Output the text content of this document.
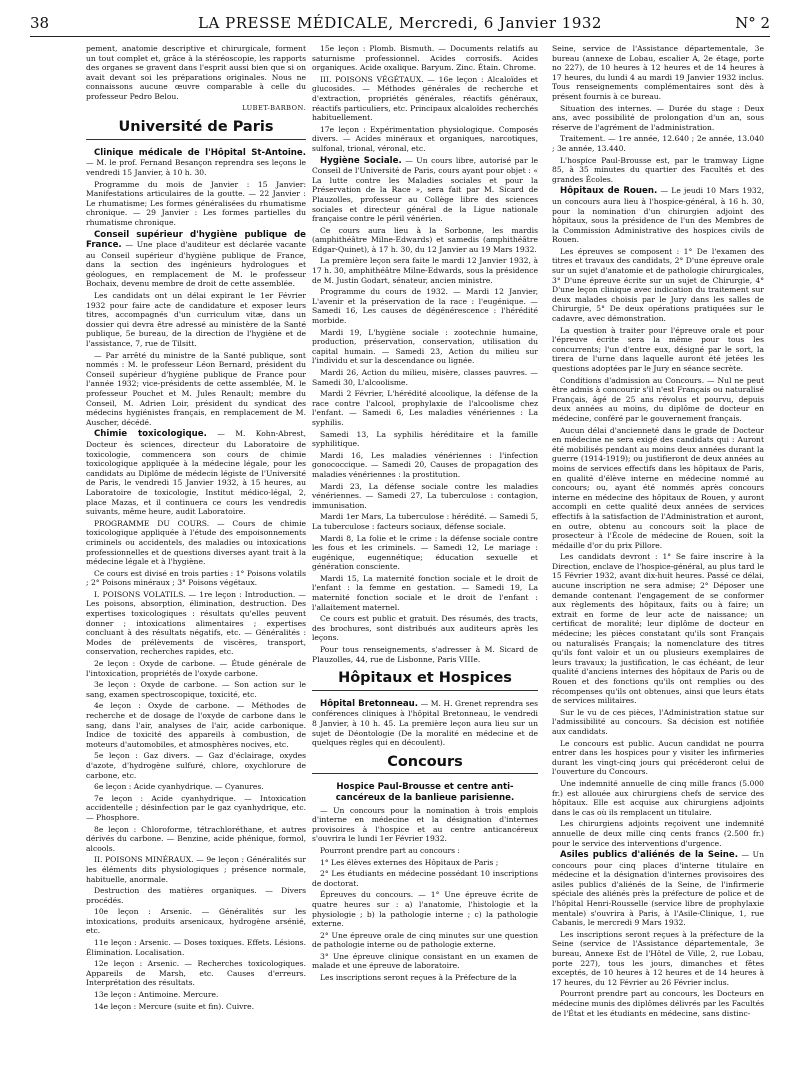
38	LA PRESSE MÉDICALE, Mercredi, 6 Janvier 1932	N° 2

pement, anatomie descriptive et chirurgicale, forment un tout complet et, grâce à la stéréoscopie, les rapports des organes se gravent dans l'esprit aussi bien que si on avait devant soi les préparations originales. Nous ne connaissons aucune œuvre comparable à celle du professeur Pedro Belou.

LUBET-BARBON.
Université de Paris

Clinique médicale de l'Hôpital St-Antoine. — M. le prof. Fernand Besançon reprendra ses leçons le vendredi 15 Janvier, à 10 h. 30.

Programme du mois de Janvier : 15 Janvier: Manifestations articulaires de la goutte. — 22 Janvier : Le rhumatisme; Les formes généralisées du rhumatisme chronique. — 29 Janvier : Les formes partielles du rhumatisme chronique.

Conseil supérieur d'hygiène publique de France. — Une place d'auditeur est déclarée vacante au Conseil supérieur d'hygiène publique de France, dans la section des ingénieurs hydrologues et géologues, en remplacement de M. le professeur Bochaix, devenu membre de droit de cette assemblée.

Les candidats ont un délai expirant le 1er Février 1932 pour faire acte de candidature et exposer leurs titres, accompagnés d'un curriculum vitæ, dans un dossier qui devra être adressé au ministère de la Santé publique, 5e bureau, de la direction de l'hygiène et de l'assistance, 7, rue de Tilsitt.

— Par arrêté du ministre de la Santé publique, sont nommés : M. le professeur Léon Bernard, président du Conseil supérieur d'hygiène publique de France pour l'année 1932; vice-présidents de cette assemblée, M. le professeur Pouchet et M. Jules Renault; membre du Conseil, M. Adrien Loir, président du syndicat des médecins hygiénistes français, en remplacement de M. Auscher, décédé.

Chimie toxicologique. — M. Kohn-Abrest, Docteur ès sciences, directeur du Laboratoire de toxicologie, commencera son cours de chimie toxicologique appliquée à la médecine légale, pour les candidats au Diplôme de médecin légiste de l'Université de Paris, le vendredi 15 Janvier 1932, à 15 heures, au Laboratoire de toxicologie, Institut médico-légal, 2, place Mazas, et il continuera ce cours les vendredis suivants, même heure, audit Laboratoire.

PROGRAMME DU COURS. — Cours de chimie toxicologique appliquée à l'étude des empoisonnements criminels ou accidentels, des maladies ou intoxications professionnelles et de questions diverses ayant trait à la médecine légale et à l'hygiène.

Ce cours est divisé en trois parties : 1° Poisons volatils ; 2° Poisons minéraux ; 3° Poisons végétaux.

I. POISONS VOLATILS. — 1re leçon : Introduction. — Les poisons, absorption, élimination, destruction. Des expertises toxicologiques : résultats qu'elles peuvent donner ; intoxications alimentaires ; expertises concluant à des résultats négatifs, etc. — Généralités : Modes de prélèvements de viscères, transport, conservation, recherches rapides, etc.

2e leçon : Oxyde de carbone. — Étude générale de l'intoxication, propriétés de l'oxyde carbone.

3e leçon : Oxyde de carbone. — Son action sur le sang, examen spectroscopique, toxicité, etc.

4e leçon : Oxyde de carbone. — Méthodes de recherche et de dosage de l'oxyde de carbone dans le sang, dans l'air, analyses de l'air, acide carbonique. Indice de toxicité des appareils à combustion, de moteurs d'automobiles, et atmosphères nocives, etc.

5e leçon : Gaz divers. — Gaz d'éclairage, oxydes d'azote, d'hydrogène sulfuré, chlore, oxychlorure de carbone, etc.

6e leçon : Acide cyanhydrique. — Cyanures.

7e leçon : Acide cyanhydrique. — Intoxication accidentelle ; désinfection par le gaz cyanhydrique, etc. — Phosphore.

8e leçon : Chloroforme, tétrachloréthane, et autres dérivés du carbone. — Benzine, acide phénique, formol, alcools.

II. POISONS MINÉRAUX. — 9e leçon : Généralités sur les éléments dits physiologiques ; présence normale, habituelle, anormale.

Destruction des matières organiques. — Divers procédés.

10e leçon : Arsenic. — Généralités sur les intoxications, produits arsenicaux, hydrogène arsénié, etc.

11e leçon : Arsenic. — Doses toxiques. Effets. Lésions. Élimination. Localisation.

12e leçon : Arsenic. — Recherches toxicologiques. Appareils de Marsh, etc. Causes d'erreurs. Interprétation des résultats.

13e leçon : Antimoine. Mercure.

14e leçon : Mercure (suite et fin). Cuivre.

15e leçon : Plomb. Bismuth. — Documents relatifs au saturnisme professionnel. Acides corrosifs. Acides organiques. Acide oxalique. Baryum. Zinc. Étain. Chrome.

III. POISONS VÉGÉTAUX. — 16e leçon : Alcaloïdes et glucosides. — Méthodes générales de recherche et d'extraction, propriétés générales, réactifs généraux, réactifs particuliers, etc. Principaux alcaloïdes recherchés habituellement.

17e leçon : Expérimentation physiologique. Composés divers. — Acides minéraux et organiques, narcotiques, sulfonal, trional, véronal, etc.

Hygiène Sociale. — Un cours libre, autorisé par le Conseil de l'Université de Paris, cours ayant pour objet : « La lutte contre les Maladies sociales et pour la Préservation de la Race », sera fait par M. Sicard de Plauzolles, professeur au Collège libre des sciences sociales et directeur général de la Ligue nationale française contre le péril vénérien.

Ce cours aura lieu à la Sorbonne, les mardis (amphithéâtre Milne-Edwards) et samedis (amphithéâtre Edgar-Quinet), à 17 h. 30, du 12 Janvier au 19 Mars 1932.

La première leçon sera faite le mardi 12 Janvier 1932, à 17 h. 30, amphithéâtre Milne-Edwards, sous la présidence de M. Justin Godart, sénateur, ancien ministre.

Programme du cours de 1932. — Mardi 12 Janvier, L'avenir et la préservation de la race : l'eugénique. — Samedi 16, Les causes de dégénérescence : l'hérédité morbide.

Mardi 19, L'hygiène sociale : zootechnie humaine, production, préservation, conservation, utilisation du capital humain. — Samedi 23, Action du milieu sur l'individu et sur la descendance ou lignée.

Mardi 26, Action du milieu, misère, classes pauvres. — Samedi 30, L'alcoolisme.

Mardi 2 Février, L'hérédité alcoolique, la défense de la race contre l'alcool, prophylaxie de l'alcoolisme chez l'enfant. — Samedi 6, Les maladies vénériennes : La syphilis.

Samedi 13, La syphilis héréditaire et la famille syphilitique.

Mardi 16, Les maladies vénériennes : l'infection gonococcique. — Samedi 20, Causes de propagation des maladies vénériennes : la prostitution.

Mardi 23, La défense sociale contre les maladies vénériennes. — Samedi 27, La tuberculose : contagion, immunisation.

Mardi 1er Mars, La tuberculose : hérédité. — Samedi 5, La tuberculose : facteurs sociaux, défense sociale.

Mardi 8, La folie et le crime : la défense sociale contre les fous et les criminels. — Samedi 12, Le mariage : eugénique, eugennétique; éducation sexuelle et génération consciente.

Mardi 15, La maternité fonction sociale et le droit de l'enfant : la femme en gestation. — Samedi 19, La maternité fonction sociale et le droit de l'enfant : l'allaitement maternel.

Ce cours est public et gratuit. Des résumés, des tracts, des brochures, sont distribués aux auditeurs après les leçons.

Pour tous renseignements, s'adresser à M. Sicard de Plauzolles, 44, rue de Lisbonne, Paris VIIIe.

Hôpitaux et Hospices

Hôpital Bretonneau. — M. H. Grenet reprendra ses conférences cliniques à l'hôpital Bretonneau, le vendredi 8 Janvier, à 10 h. 45. La première leçon aura lieu sur un sujet de Déontologie (De la moralité en médecine et de quelques règles qui en découlent).

Concours

Hospice Paul-Brousse et centre anti-cancéreux de la banlieue parisienne.

— Un concours pour la nomination à trois emplois d'interne en médecine et la désignation d'internes provisoires à l'hospice et au centre anticancéreux s'ouvrira le lundi 1er Février 1932.

Pourront prendre part au concours :

1° Les élèves externes des Hôpitaux de Paris ;

2° Les étudiants en médecine possédant 10 inscriptions de doctorat.

Épreuves du concours. — 1° Une épreuve écrite de quatre heures sur : a) l'anatomie, l'histologie et la physiologie ; b) la pathologie interne ; c) la pathologie externe.

2° Une épreuve orale de cinq minutes sur une question de pathologie interne ou de pathologie externe.

3° Une épreuve clinique consistant en un examen de malade et une épreuve de laboratoire.

Les inscriptions seront reçues à la Préfecture de la

Seine, service de l'Assistance départementale, 3e bureau (annexe de Lobau, escalier A, 2e étage, porte no 227), de 10 heures à 12 heures et de 14 heures à 17 heures, du lundi 4 au mardi 19 Janvier 1932 inclus. Tous renseignements complémentaires sont dès à présent fournis à ce bureau.

Situation des internes. — Durée du stage : Deux ans, avec possibilité de prolongation d'un an, sous réserve de l'agrément de l'administration.

Traitement. — 1re année, 12.640 ; 2e année, 13.040 ; 3e année, 13.440.

L'hospice Paul-Brousse est, par le tramway Ligne 85, à 35 minutes du quartier des Facultés et des grandes Écoles.

Hôpitaux de Rouen. — Le jeudi 10 Mars 1932, un concours aura lieu à l'hospice-général, à 16 h. 30, pour la nomination d'un chirurgien adjoint des hôpitaux, sous la présidence de l'un des Membres de la Commission Administrative des hospices civils de Rouen.

Les épreuves se composent : 1° De l'examen des titres et travaux des candidats, 2° D'une épreuve orale sur un sujet d'anatomie et de pathologie chirurgicales, 3° D'une épreuve écrite sur un sujet de Chirurgie, 4° D'une leçon clinique avec indication du traitement sur deux malades choisis par le Jury dans les salles de Chirurgie, 5° De deux opérations pratiquées sur le cadavre, avec démonstration.

La question à traiter pour l'épreuve orale et pour l'épreuve écrite sera la même pour tous les concurrents; l'un d'entre eux, désigné par le sort, la tirera de l'urne dans laquelle auront été jetées les questions adoptées par le Jury en séance secrète.

Conditions d'admission au Concours. — Nul ne peut être admis à concourir s'il n'est Français ou naturalisé Français, âgé de 25 ans révolus et pourvu, depuis deux années au moins, du diplôme de docteur en médecine, conféré par le gouvernement français.

Aucun délai d'ancienneté dans le grade de Docteur en médecine ne sera exigé des candidats qui : Auront été mobilisés pendant au moins deux années durant la guerre (1914-1919); ou justifieront de deux années au moins de services effectifs dans les hôpitaux de Paris, en qualité d'élève interne en médecine nommé au concours; ou, ayant été nommés après concours interne en médecine des hôpitaux de Rouen, y auront accompli en cette qualité deux années de services effectifs à la satisfaction de l'Administration et auront, en outre, obtenu au concours soit la place de prosecteur à l'École de médecine de Rouen, soit la médaille d'or du prix Pillore.

Les candidats devront : 1° Se faire inscrire à la Direction, enclave de l'hospice-général, au plus tard le 15 Février 1932, avant dix-huit heures. Passé ce délai, aucune inscription ne sera admise; 2° Déposer une demande contenant l'engagement de se conformer aux règlements des hôpitaux, faits ou à faire; un extrait en forme de leur acte de naissance; un certificat de moralité; leur diplôme de docteur en médecine; les pièces constatant qu'ils sont Français ou naturalisés Français; la nomenclature des titres qu'ils font valoir et un ou plusieurs exemplaires de leurs travaux; la justification, le cas échéant, de leur qualité d'anciens internes des hôpitaux de Paris ou de Rouen et des fonctions qu'ils ont remplies ou des récompenses qu'ils ont obtenues, ainsi que leurs états de services militaires.

Sur le vu de ces pièces, l'Administration statue sur l'admissibilité au concours. Sa décision est notifiée aux candidats.

Le concours est public. Aucun candidat ne pourra entrer dans les hospices pour y visiter les infirmeries durant les vingt-cinq jours qui précéderont celui de l'ouverture du Concours.

Une indemnité annuelle de cinq mille francs (5.000 fr.) est allouée aux chirurgiens chefs de service des hôpitaux. Elle est acquise aux chirurgiens adjoints dans le cas où ils remplacent un titulaire.

Les chirurgiens adjoints reçoivent une indemnité annuelle de deux mille cinq cents francs (2.500 fr.) pour le service des interventions d'urgence.

Asiles publics d'aliénés de la Seine. — Un concours pour cinq places d'interne titulaire en médecine et la désignation d'internes provisoires des asiles publics d'aliénés de la Seine, de l'infirmerie spéciale des aliénés près la préfecture de police et de l'hôpital Henri-Rousselle (service libre de prophylaxie mentale) s'ouvrira à Paris, à l'Asile-Clinique, 1, rue Cabanis, le mercredi 9 Mars 1932.

Les inscriptions seront reçues à la préfecture de la Seine (service de l'Assistance départementale, 3e bureau, Annexe Est de l'Hôtel de Ville, 2, rue Lobau, porte 227), tous les jours, dimanches et fêtes exceptés, de 10 heures à 12 heures et de 14 heures à 17 heures, du 12 Février au 26 Février inclus.

Pourront prendre part au concours, les Docteurs en médecine munis des diplômes délivrés par les Facultés de l'État et les étudiants en médecine, sans distinc-
